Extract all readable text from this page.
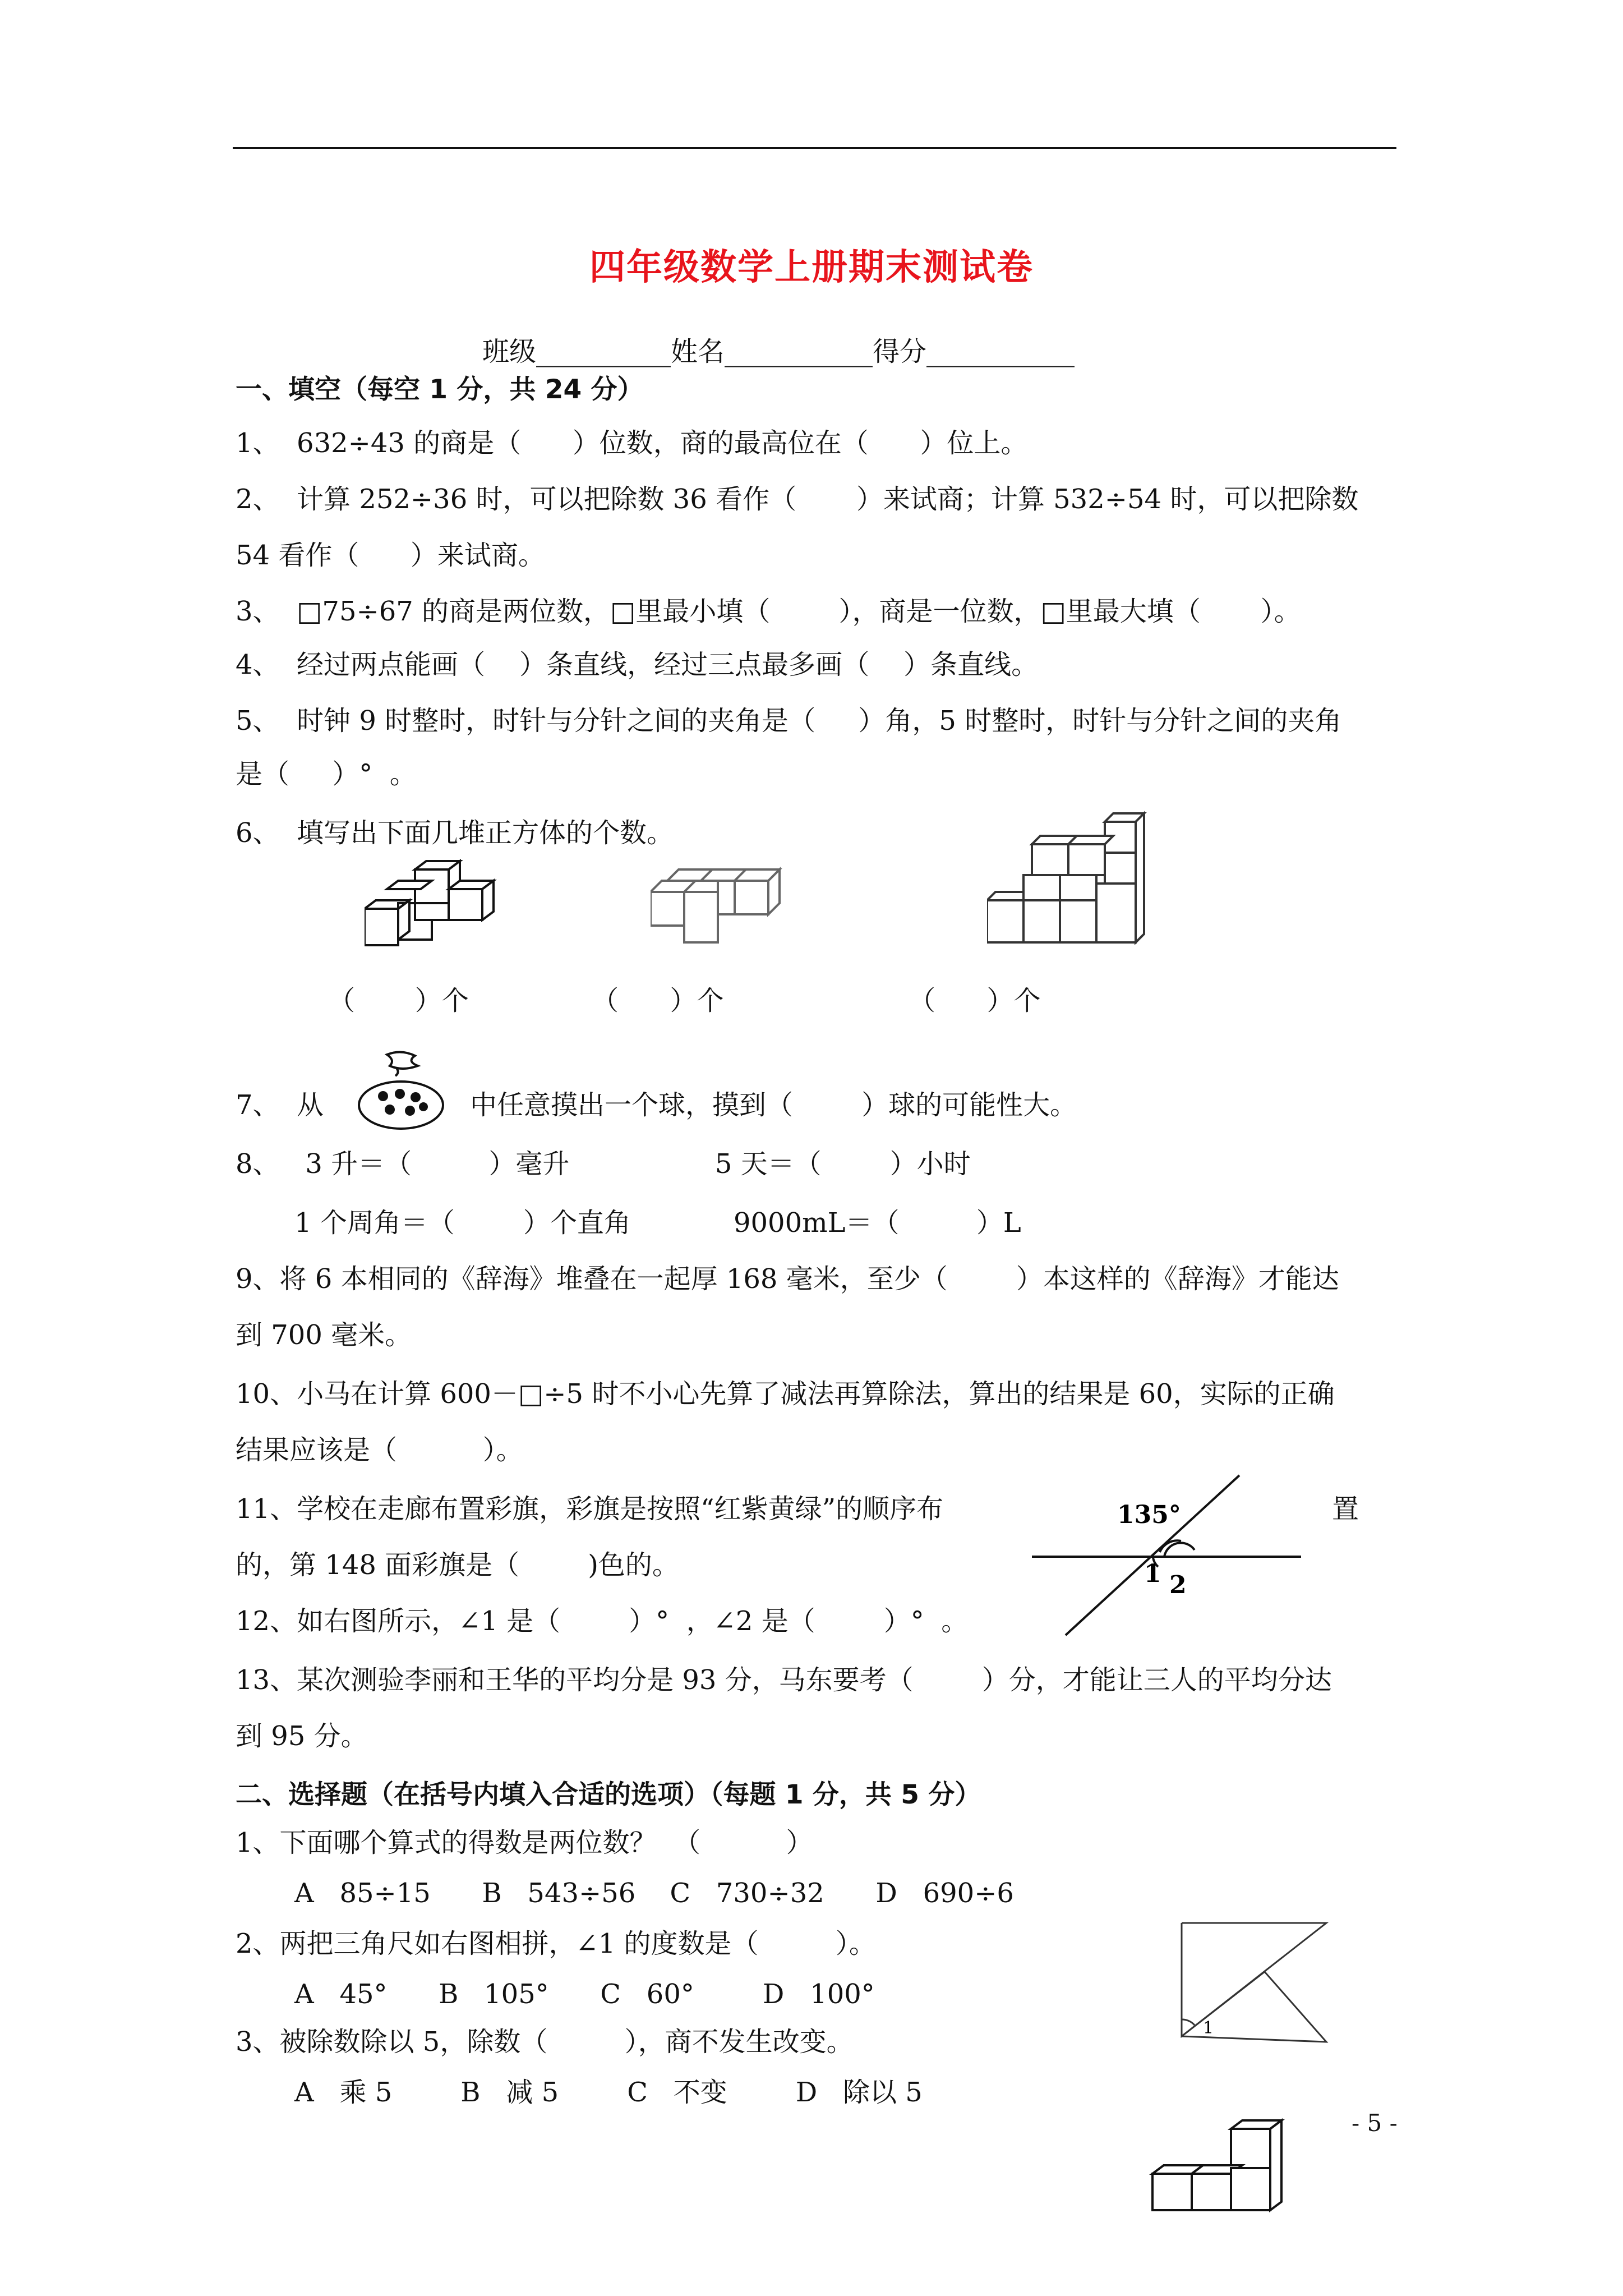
四年级数学上册期末测试卷
班级__________姓名___________得分___________
一、填空（每空 1 分，共 24 分）
1、  632÷43 的商是（      ）位数，商的最高位在（      ）位上。
2、  计算 252÷36 时，可以把除数 36 看作（       ）来试商；计算 532÷54 时，可以把除数
54 看作（      ）来试商。
3、  □75÷67 的商是两位数，□里最小填（        ），商是一位数，□里最大填（       ）。
4、  经过两点能画（    ）条直线，经过三点最多画（    ）条直线。
5、  时钟 9 时整时，时针与分针之间的夹角是（     ）角，5 时整时，时针与分针之间的夹角
是（     ）°  。
6、  填写出下面几堆正方体的个数。
（       ）个	（      ）个	（      ）个
7、  从	中任意摸出一个球，摸到（        ）球的可能性大。
8、   3 升＝（         ）毫升                 5 天＝（        ）小时
1 个周角＝（        ）个直角            9000mL＝（         ）L
9、将 6 本相同的《辞海》堆叠在一起厚 168 毫米，至少（        ）本这样的《辞海》才能达
到 700 毫米。
10、小马在计算 600－□÷5 时不小心先算了减法再算除法，算出的结果是 60，实际的正确
结果应该是（          ）。
11、学校在走廊布置彩旗，彩旗是按照“红紫黄绿”的顺序布	置
的，第 148 面彩旗是（        )色的。
135°
1 2
12、如右图所示，∠1 是（        ）°  ，∠2 是（        ）°  。
13、某次测验李丽和王华的平均分是 93 分，马东要考（        ）分，才能让三人的平均分达
到 95 分。
二、选择题（在括号内填入合适的选项）（每题 1 分，共 5 分）
1、下面哪个算式的得数是两位数？  （          ）
A   85÷15      B   543÷56    C   730÷32      D   690÷6
2、两把三角尺如右图相拼，∠1 的度数是（         ）。
A   45°      B   105°      C   60°        D   100°
3、被除数除以 5，除数（         ），商不发生改变。
A   乘 5        B   减 5        C   不变        D   除以 5
1
- 5 -
